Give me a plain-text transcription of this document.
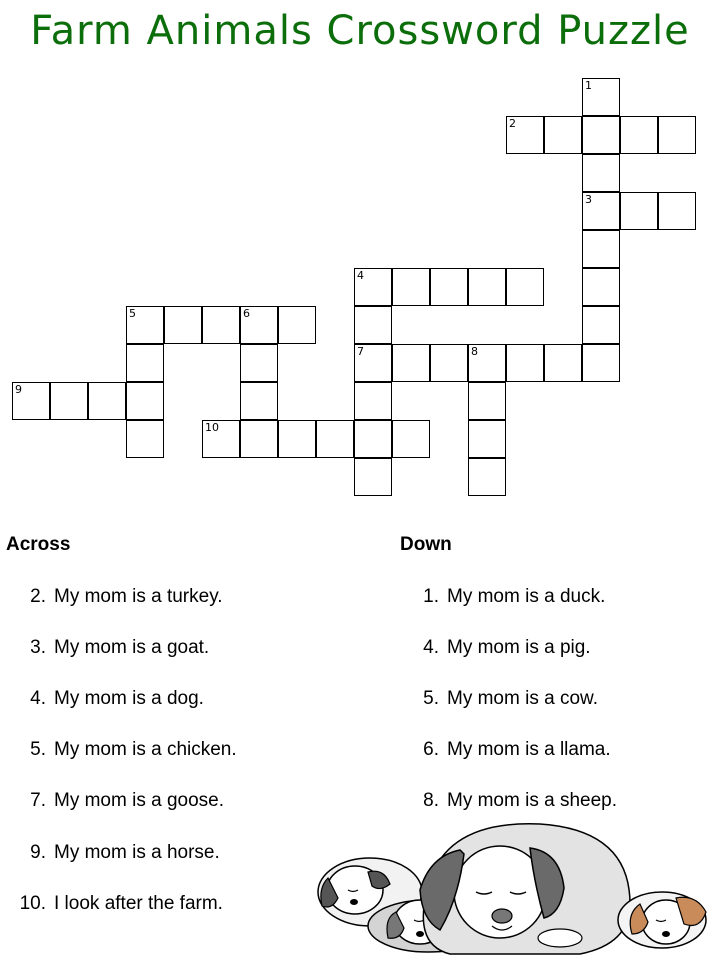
Farm Animals Crossword Puzzle
1
2
3
4
5	6
7	8
9
10
Across	Down
2. My mom is a turkey.
3. My mom is a goat.
4. My mom is a dog.
5. My mom is a chicken.
7. My mom is a goose.
9. My mom is a horse.
10. I look after the farm.
1. My mom is a duck.
4. My mom is a pig.
5. My mom is a cow.
6. My mom is a llama.
8. My mom is a sheep.
